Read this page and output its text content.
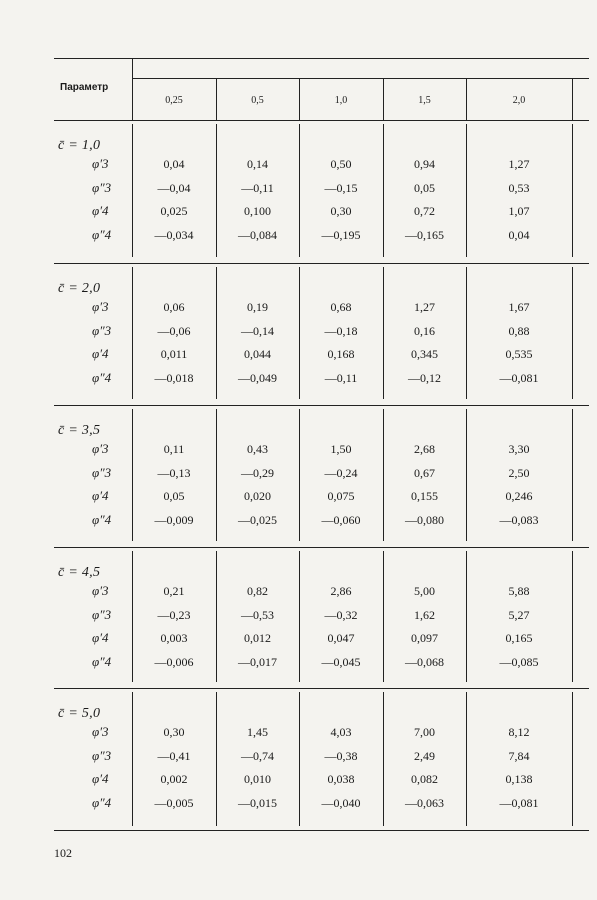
Параметр
102
0,25	0,5	1,0	1,5	2,0
c̄ = 1,0
φ′3	0,04	0,14	0,50	0,94	1,27
φ″3	—0,04	—0,11	—0,15	0,05	0,53
φ′4	0,025	0,100	0,30	0,72	1,07
φ″4	—0,034	—0,084	—0,195	—0,165	0,04
c̄ = 2,0
φ′3	0,06	0,19	0,68	1,27	1,67
φ″3	—0,06	—0,14	—0,18	0,16	0,88
φ′4	0,011	0,044	0,168	0,345	0,535
φ″4	—0,018	—0,049	—0,11	—0,12	—0,081
c̄ = 3,5
φ′3	0,11	0,43	1,50	2,68	3,30
φ″3	—0,13	—0,29	—0,24	0,67	2,50
φ′4	0,05	0,020	0,075	0,155	0,246
φ″4	—0,009	—0,025	—0,060	—0,080	—0,083
c̄ = 4,5
φ′3	0,21	0,82	2,86	5,00	5,88
φ″3	—0,23	—0,53	—0,32	1,62	5,27
φ′4	0,003	0,012	0,047	0,097	0,165
φ″4	—0,006	—0,017	—0,045	—0,068	—0,085
c̄ = 5,0
φ′3	0,30	1,45	4,03	7,00	8,12
φ″3	—0,41	—0,74	—0,38	2,49	7,84
φ′4	0,002	0,010	0,038	0,082	0,138
φ″4	—0,005	—0,015	—0,040	—0,063	—0,081
